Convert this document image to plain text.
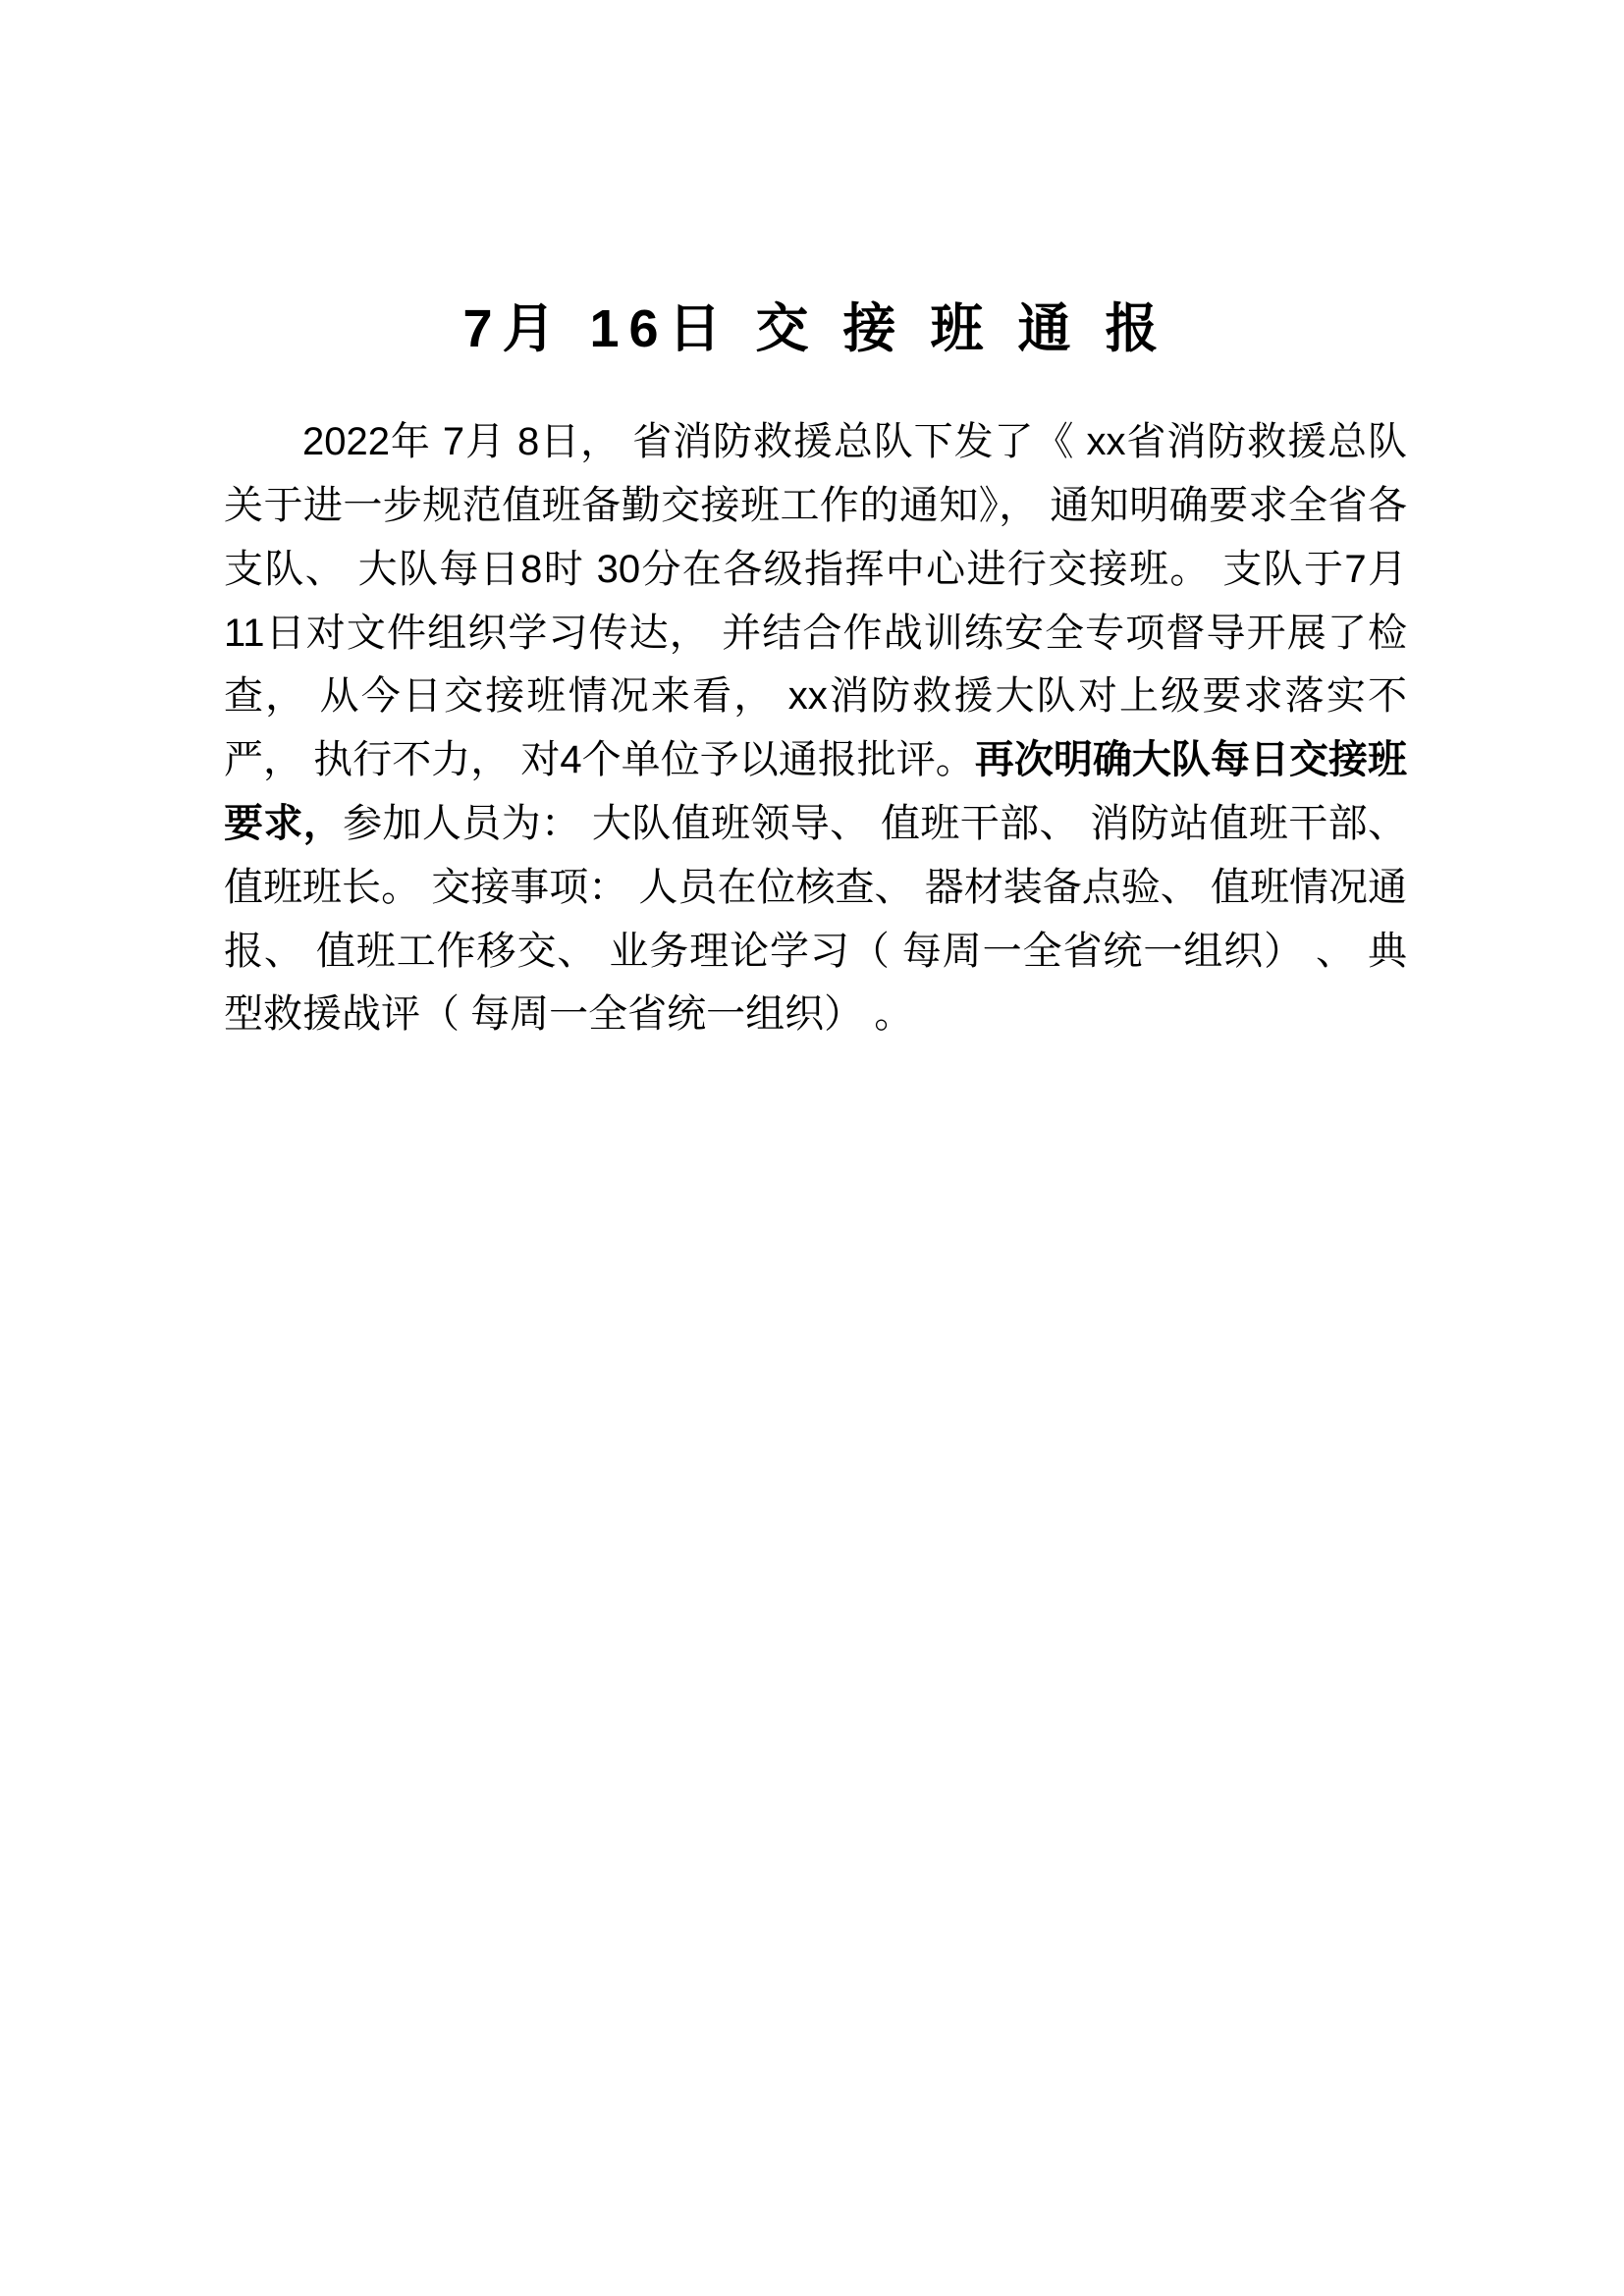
7月 16日 交 接 班 通 报

2022年 7月 8日， 省消防救援总队下发了《 xx省消防救援总队关于进一步规范值班备勤交接班工作的通知》， 通知明确要求全省各支队、 大队每日8时 30分在各级指挥中心进行交接班。 支队于7月 11日对文件组织学习传达， 并结合作战训练安全专项督导开展了检查， 从今日交接班情况来看， xx消防救援大队对上级要求落实不严， 执行不力， 对4个单位予以通报批评。再次明确大队每日交接班要求，参加人员为： 大队值班领导、 值班干部、 消防站值班干部、 值班班长。 交接事项： 人员在位核查、 器材装备点验、 值班情况通报、 值班工作移交、 业务理论学习（ 每周一全省统一组织） 、 典型救援战评（ 每周一全省统一组织） 。
